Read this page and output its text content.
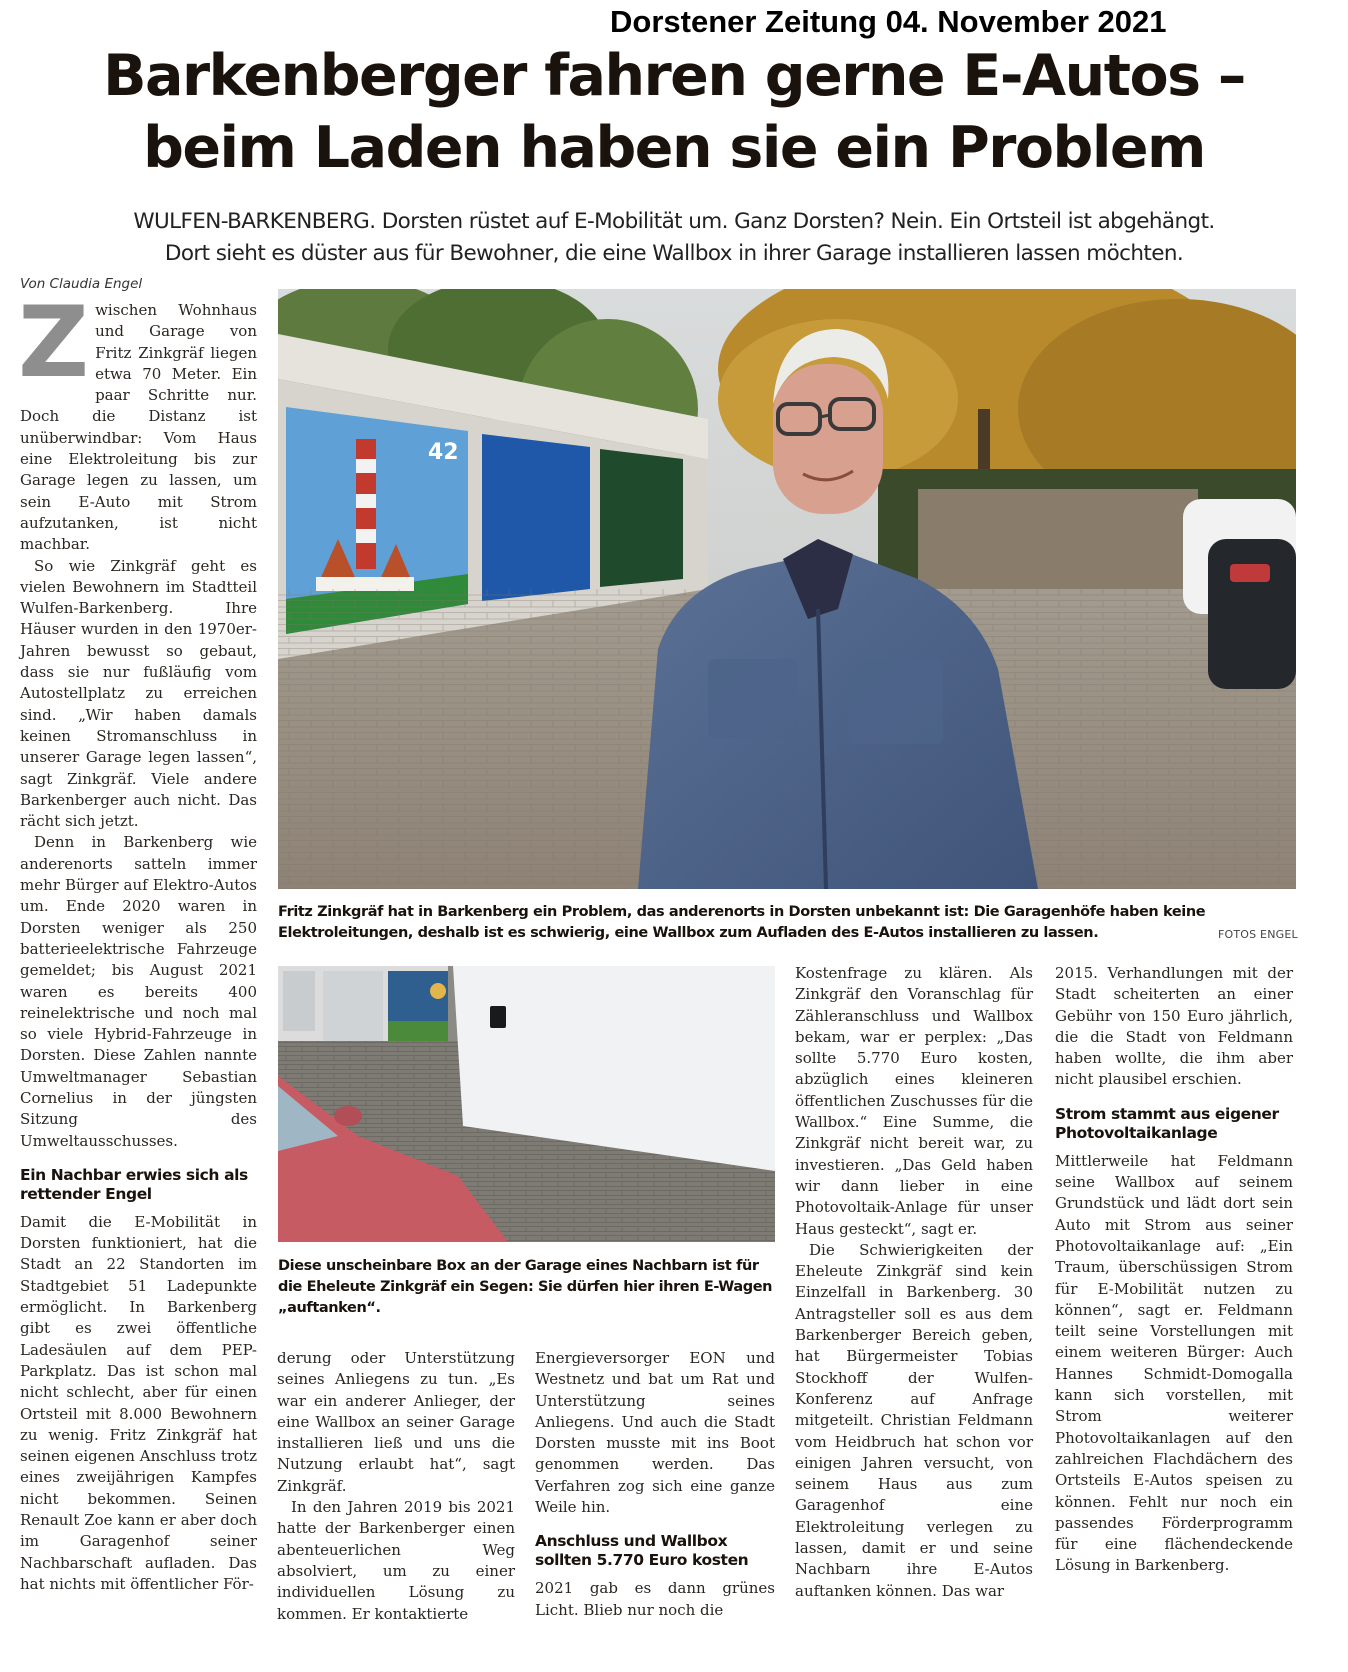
Dorstener Zeitung 04. November 2021
Barkenberger fahren gerne E-Autos –
beim Laden haben sie ein Problem
WULFEN-BARKENBERG. Dorsten rüstet auf E-Mobilität um. Ganz Dorsten? Nein. Ein Ortsteil ist abgehängt.
Dort sieht es düster aus für Bewohner, die eine Wallbox in ihrer Garage installieren lassen möchten.
Von Claudia Engel
Z wischen Wohnhaus und Garage von Fritz Zinkgräf liegen etwa 70 Meter. Ein paar Schritte nur. Doch die Distanz ist unüberwindbar: Vom Haus eine Elektroleitung bis zur Garage legen zu lassen, um sein E-Auto mit Strom aufzutanken, ist nicht machbar.

So wie Zinkgräf geht es vielen Bewohnern im Stadtteil Wulfen-Barkenberg. Ihre Häuser wurden in den 1970er-Jahren bewusst so gebaut, dass sie nur fußläufig vom Autostellplatz zu erreichen sind. „Wir haben damals keinen Stromanschluss in unserer Garage legen lassen“, sagt Zinkgräf. Viele andere Barkenberger auch nicht. Das rächt sich jetzt.

Denn in Barkenberg wie anderenorts satteln immer mehr Bürger auf Elektro-Autos um. Ende 2020 waren in Dorsten weniger als 250 batterieelektrische Fahrzeuge gemeldet; bis August 2021 waren es bereits 400 reinelektrische und noch mal so viele Hybrid-Fahrzeuge in Dorsten. Diese Zahlen nannte Umweltmanager Sebastian Cornelius in der jüngsten Sitzung des Umweltausschusses.

Ein Nachbar erwies sich als rettender Engel

Damit die E-Mobilität in Dorsten funktioniert, hat die Stadt an 22 Standorten im Stadtgebiet 51 Ladepunkte ermöglicht. In Barkenberg gibt es zwei öffentliche Ladesäulen auf dem PEP-Parkplatz. Das ist schon mal nicht schlecht, aber für einen Ortsteil mit 8.000 Bewohnern zu wenig. Fritz Zinkgräf hat seinen eigenen Anschluss trotz eines zweijährigen Kampfes nicht bekommen. Seinen Renault Zoe kann er aber doch im Garagenhof seiner Nachbarschaft aufladen. Das hat nichts mit öffentlicher För-

42
Fritz Zinkgräf hat in Barkenberg ein Problem, das anderenorts in Dorsten unbekannt ist: Die Garagenhöfe haben keine Elektroleitungen, deshalb ist es schwierig, eine Wallbox zum Aufladen des E-Autos installieren zu lassen.	FOTOS ENGEL
Diese unscheinbare Box an der Garage eines Nachbarn ist für die Eheleute Zinkgräf ein Segen: Sie dürfen hier ihren E-Wagen „auftanken“.

derung oder Unterstützung seines Anliegens zu tun. „Es war ein anderer Anlieger, der eine Wallbox an seiner Garage installieren ließ und uns die Nutzung erlaubt hat“, sagt Zinkgräf.

In den Jahren 2019 bis 2021 hatte der Barkenberger einen abenteuerlichen Weg absolviert, um zu einer individuellen Lösung zu kommen. Er kontaktierte

Energieversorger EON und Westnetz und bat um Rat und Unterstützung seines Anliegens. Und auch die Stadt Dorsten musste mit ins Boot genommen werden. Das Verfahren zog sich eine ganze Weile hin.

Anschluss und Wallbox sollten 5.770 Euro kosten

2021 gab es dann grünes Licht. Blieb nur noch die

Kostenfrage zu klären. Als Zinkgräf den Voranschlag für Zähleranschluss und Wallbox bekam, war er perplex: „Das sollte 5.770 Euro kosten, abzüglich eines kleineren öffentlichen Zuschusses für die Wallbox.“ Eine Summe, die Zinkgräf nicht bereit war, zu investieren. „Das Geld haben wir dann lieber in eine Photovoltaik-Anlage für unser Haus gesteckt“, sagt er.

Die Schwierigkeiten der Eheleute Zinkgräf sind kein Einzelfall in Barkenberg. 30 Antragsteller soll es aus dem Barkenberger Bereich geben, hat Bürgermeister Tobias Stockhoff der Wulfen-Konferenz auf Anfrage mitgeteilt. Christian Feldmann vom Heidbruch hat schon vor einigen Jahren versucht, von seinem Haus aus zum Garagenhof eine Elektroleitung verlegen zu lassen, damit er und seine Nachbarn ihre E-Autos auftanken können. Das war

2015. Verhandlungen mit der Stadt scheiterten an einer Gebühr von 150 Euro jährlich, die die Stadt von Feldmann haben wollte, die ihm aber nicht plausibel erschien.

Strom stammt aus eigener Photovoltaikanlage

Mittlerweile hat Feldmann seine Wallbox auf seinem Grundstück und lädt dort sein Auto mit Strom aus seiner Photovoltaikanlage auf: „Ein Traum, überschüssigen Strom für E-Mobilität nutzen zu können“, sagt er. Feldmann teilt seine Vorstellungen mit einem weiteren Bürger: Auch Hannes Schmidt-Domogalla kann sich vorstellen, mit Strom weiterer Photovoltaikanlagen auf den zahlreichen Flachdächern des Ortsteils E-Autos speisen zu können. Fehlt nur noch ein passendes Förderprogramm für eine flächendeckende Lösung in Barkenberg.
